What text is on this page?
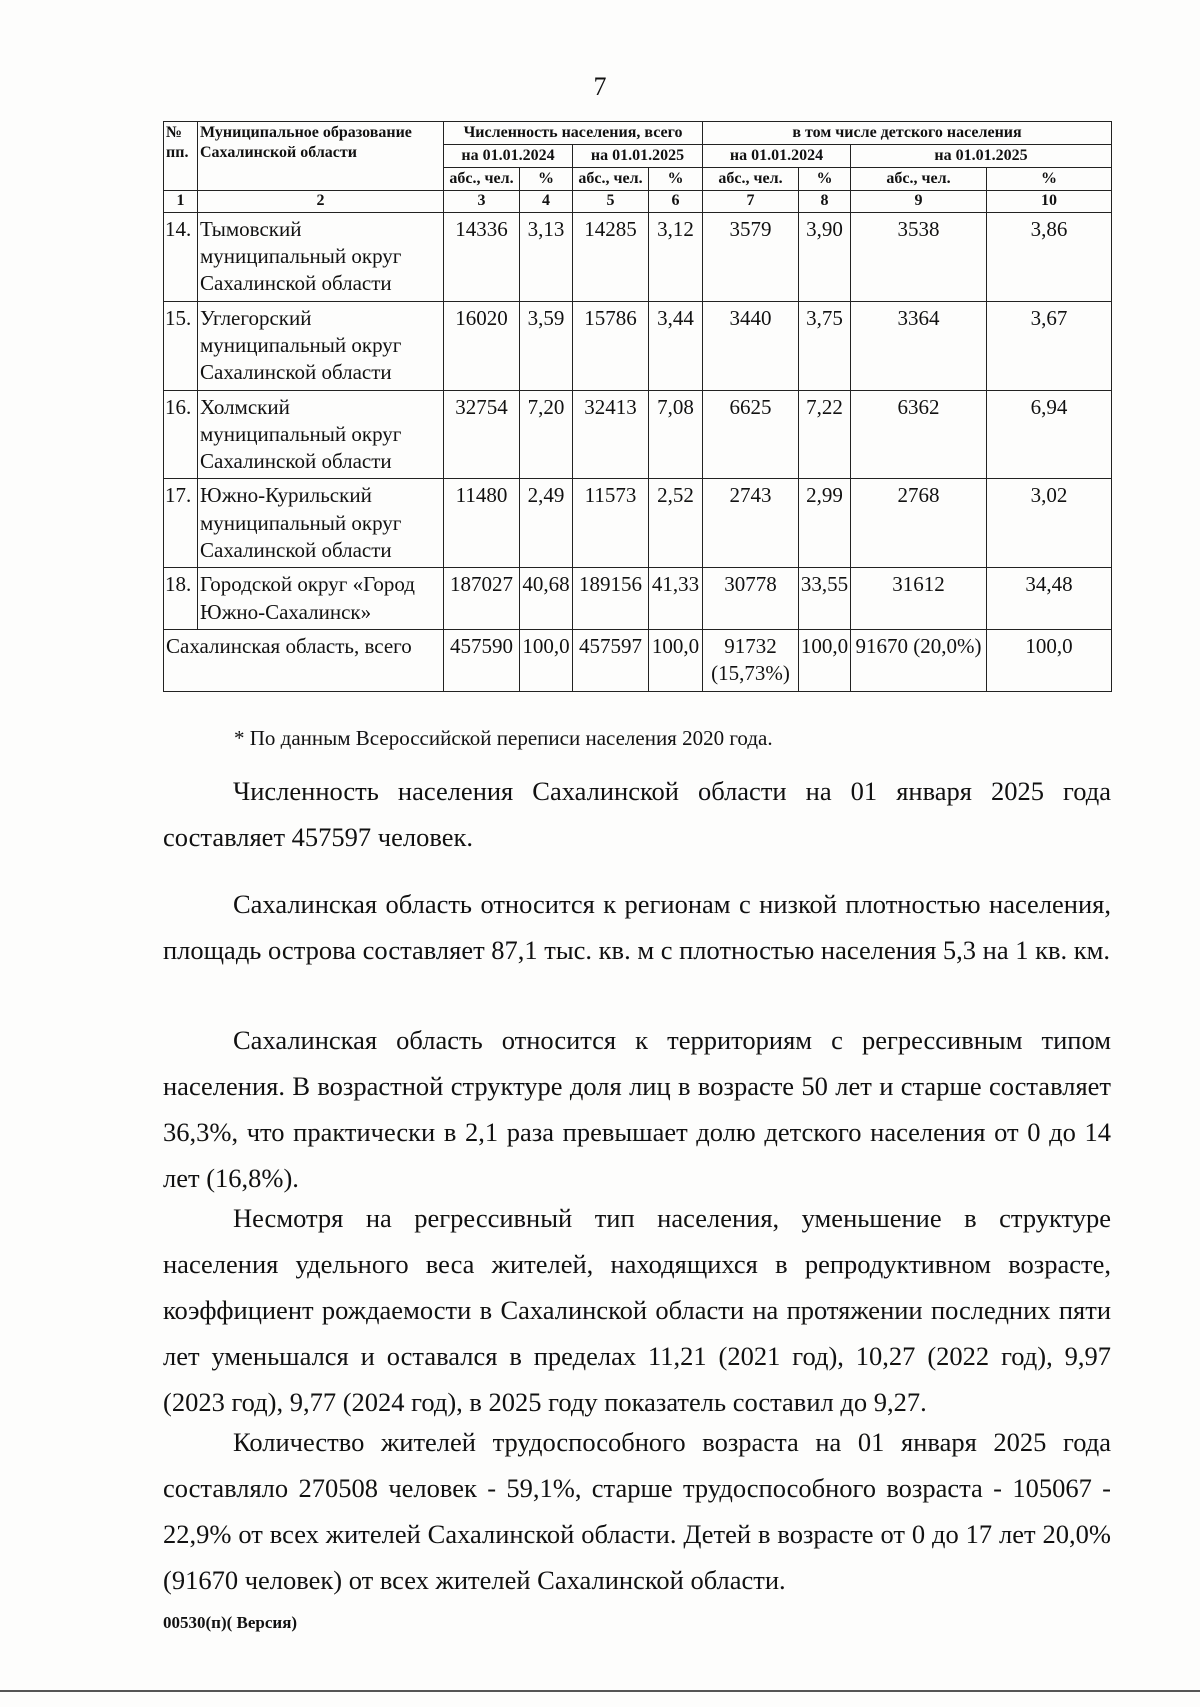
7
№ пп.	Муниципальное образование Сахалинской области	Численность населения, всего				в том числе детского населения			
		на 01.01.2024		на 01.01.2025		на 01.01.2024		на 01.01.2025	
		абс., чел.	%	абс., чел.	%	абс., чел.	%	абс., чел.	%
1	2	3	4	5	6	7	8	9	10
14.	Тымовский муниципальный округ Сахалинской области	14336	3,13	14285	3,12	3579	3,90	3538	3,86
15.	Углегорский муниципальный округ Сахалинской области	16020	3,59	15786	3,44	3440	3,75	3364	3,67
16.	Холмский муниципальный округ Сахалинской области	32754	7,20	32413	7,08	6625	7,22	6362	6,94
17.	Южно-Курильский муниципальный округ Сахалинской области	11480	2,49	11573	2,52	2743	2,99	2768	3,02
18.	Городской округ «Город Южно-Сахалинск»	187027	40,68	189156	41,33	30778	33,55	31612	34,48
Сахалинская область, всего		457590	100,0	457597	100,0	91732 (15,73%)	100,0	91670 (20,0%)	100,0
* По данным Всероссийской переписи населения 2020 года.

Численность населения Сахалинской области на 01 января 2025 года составляет 457597 человек.

Сахалинская область относится к регионам с низкой плотностью населения, площадь острова составляет 87,1 тыс. кв. м с плотностью населения 5,3 на 1 кв. км.

Сахалинская область относится к территориям с регрессивным типом населения. В возрастной структуре доля лиц в возрасте 50 лет и старше составляет 36,3%, что практически в 2,1 раза превышает долю детского населения от 0 до 14 лет (16,8%).

Несмотря на регрессивный тип населения, уменьшение в структуре населения удельного веса жителей, находящихся в репродуктивном возрасте, коэффициент рождаемости в Сахалинской области на протяжении последних пяти лет уменьшался и оставался в пределах 11,21 (2021 год), 10,27 (2022 год), 9,97 (2023 год), 9,77 (2024 год), в 2025 году показатель составил до 9,27.

Количество жителей трудоспособного возраста на 01 января 2025 года составляло 270508 человек - 59,1%, старше трудоспособного возраста - 105067 - 22,9% от всех жителей Сахалинской области. Детей в возрасте от 0 до 17 лет 20,0% (91670 человек) от всех жителей Сахалинской области.

00530(п)( Версия)
